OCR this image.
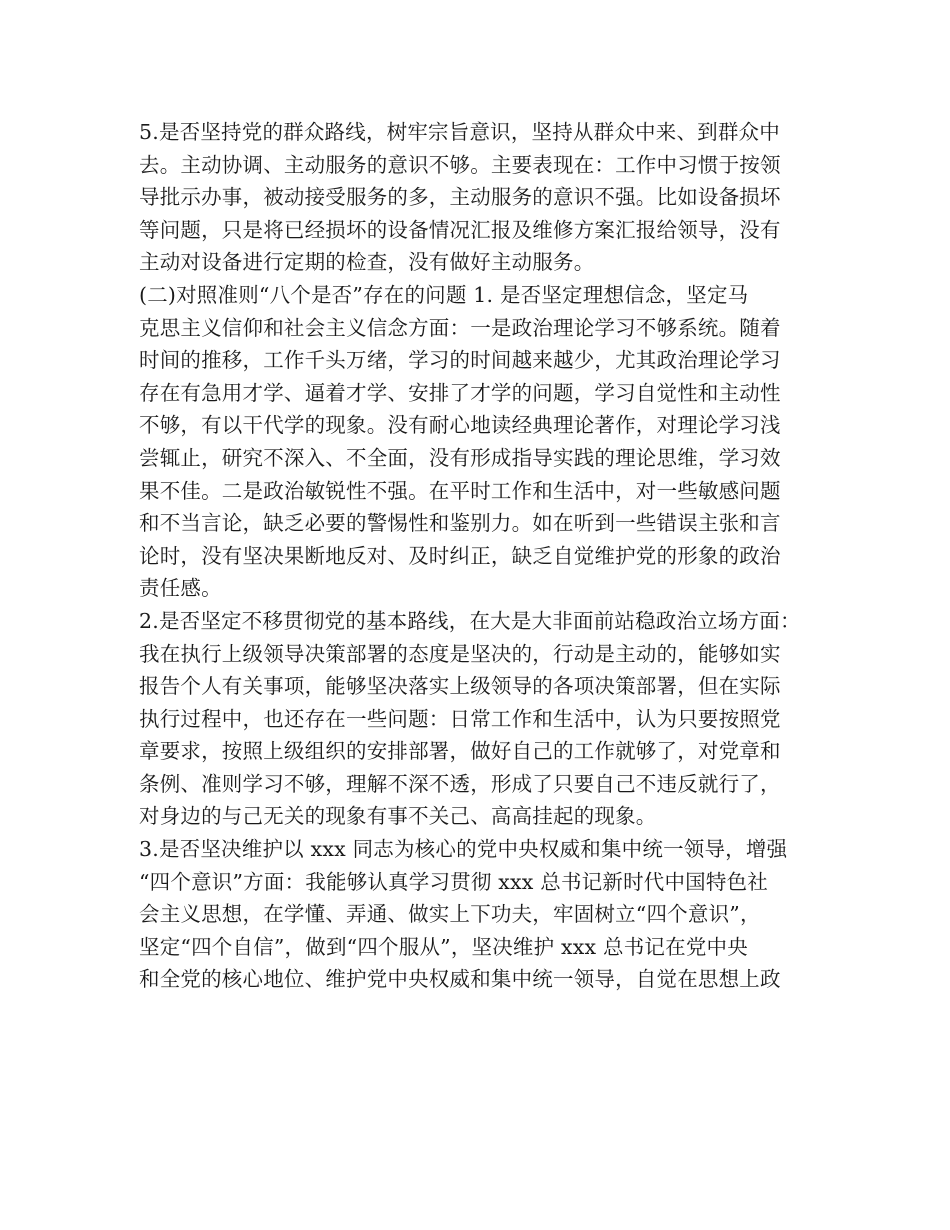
5.是否坚持党的群众路线，树牢宗旨意识，坚持从群众中来、到群众中
去。主动协调、主动服务的意识不够。主要表现在：工作中习惯于按领
导批示办事，被动接受服务的多，主动服务的意识不强。比如设备损坏
等问题，只是将已经损坏的设备情况汇报及维修方案汇报给领导，没有
主动对设备进行定期的检查，没有做好主动服务。
(二)对照准则“八个是否”存在的问题 1. 是否坚定理想信念，坚定马
克思主义信仰和社会主义信念方面：一是政治理论学习不够系统。随着
时间的推移，工作千头万绪，学习的时间越来越少，尤其政治理论学习
存在有急用才学、逼着才学、安排了才学的问题，学习自觉性和主动性
不够，有以干代学的现象。没有耐心地读经典理论著作，对理论学习浅
尝辄止，研究不深入、不全面，没有形成指导实践的理论思维，学习效
果不佳。二是政治敏锐性不强。在平时工作和生活中，对一些敏感问题
和不当言论，缺乏必要的警惕性和鉴别力。如在听到一些错误主张和言
论时，没有坚决果断地反对、及时纠正，缺乏自觉维护党的形象的政治
责任感。
2.是否坚定不移贯彻党的基本路线，在大是大非面前站稳政治立场方面：
我在执行上级领导决策部署的态度是坚决的，行动是主动的，能够如实
报告个人有关事项，能够坚决落实上级领导的各项决策部署，但在实际
执行过程中，也还存在一些问题：日常工作和生活中，认为只要按照党
章要求，按照上级组织的安排部署，做好自己的工作就够了，对党章和
条例、准则学习不够，理解不深不透，形成了只要自己不违反就行了，
对身边的与己无关的现象有事不关己、高高挂起的现象。
3.是否坚决维护以 xxx 同志为核心的党中央权威和集中统一领导，增强
“四个意识”方面：我能够认真学习贯彻 xxx 总书记新时代中国特色社
会主义思想，在学懂、弄通、做实上下功夫，牢固树立“四个意识”，
坚定“四个自信”，做到“四个服从”，坚决维护 xxx 总书记在党中央
和全党的核心地位、维护党中央权威和集中统一领导，自觉在思想上政
